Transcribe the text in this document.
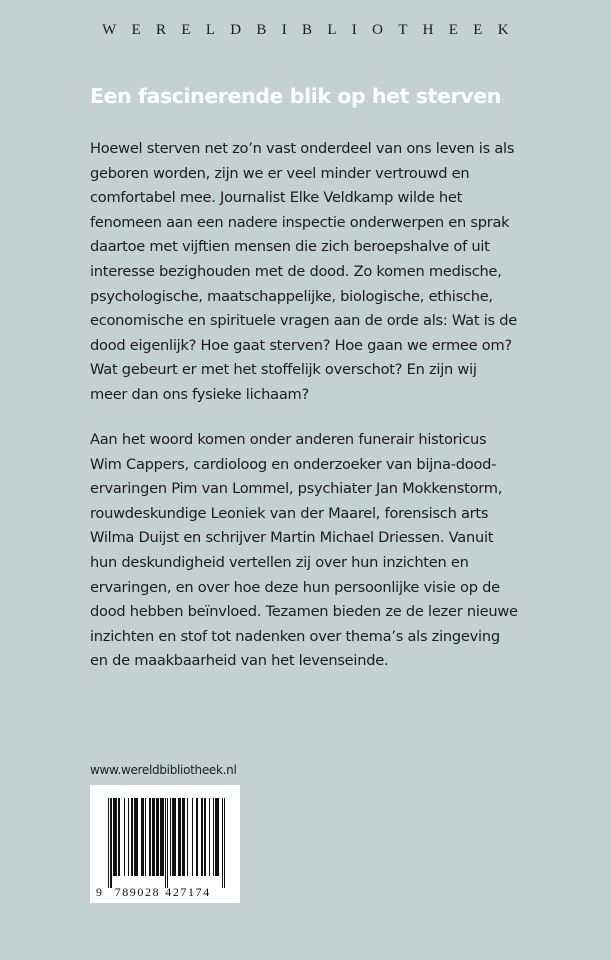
WERELDBIBLIOTHEEK
Een fascinerende blik op het sterven
Hoewel sterven net zo’n vast onderdeel van ons leven is als
geboren worden, zijn we er veel minder vertrouwd en
comfortabel mee. Journalist Elke Veldkamp wilde het
fenomeen aan een nadere inspectie onderwerpen en sprak
daartoe met vijftien mensen die zich beroepshalve of uit
interesse bezighouden met de dood. Zo komen medische,
psychologische, maatschappelijke, biologische, ethische,
economische en spirituele vragen aan de orde als: Wat is de
dood eigenlijk? Hoe gaat sterven? Hoe gaan we ermee om?
Wat gebeurt er met het stoffelijk overschot? En zijn wij
meer dan ons fysieke lichaam?
Aan het woord komen onder anderen funerair historicus
Wim Cappers, cardioloog en onderzoeker van bijna-dood-
ervaringen Pim van Lommel, psychiater Jan Mokkenstorm,
rouwdeskundige Leoniek van der Maarel, forensisch arts
Wilma Duijst en schrijver Martin Michael Driessen. Vanuit
hun deskundigheid vertellen zij over hun inzichten en
ervaringen, en over hoe deze hun persoonlijke visie op de
dood hebben beïnvloed. Tezamen bieden ze de lezer nieuwe
inzichten en stof tot nadenken over thema’s als zingeving
en de maakbaarheid van het levenseinde.
www.wereldbibliotheek.nl
9 789028 427174
